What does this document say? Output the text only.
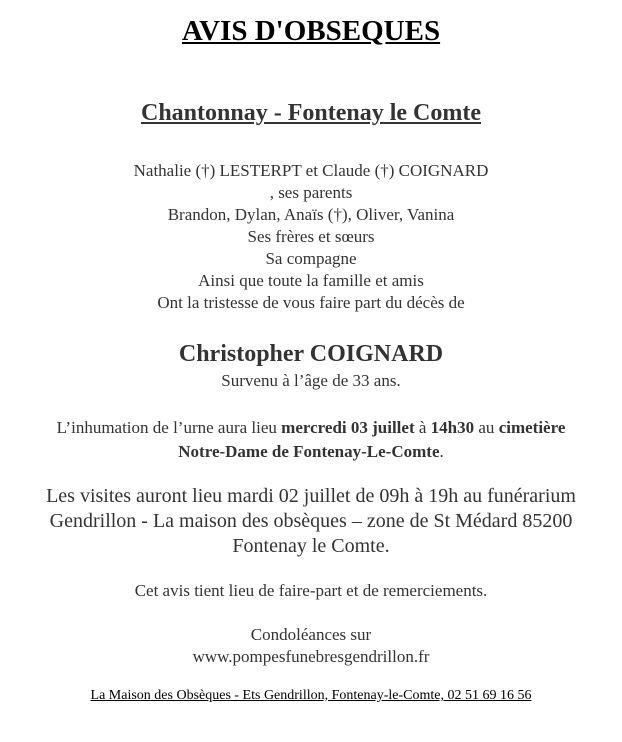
AVIS D'OBSEQUES
Chantonnay - Fontenay le Comte
Nathalie (†) LESTERPT et Claude (†) COIGNARD
, ses parents
Brandon, Dylan, Anaïs (†), Oliver, Vanina
Ses frères et sœurs
Sa compagne
Ainsi que toute la famille et amis
Ont la tristesse de vous faire part du décès de
Christopher COIGNARD
Survenu à l’âge de 33 ans.
L’inhumation de l’urne aura lieu mercredi 03 juillet à 14h30 au cimetière
Notre-Dame de Fontenay-Le-Comte.
Les visites auront lieu mardi 02 juillet de 09h à 19h au funérarium
Gendrillon - La maison des obsèques – zone de St Médard 85200
Fontenay le Comte.
Cet avis tient lieu de faire-part et de remerciements.
Condoléances sur
www.pompesfunebresgendrillon.fr
La Maison des Obsèques - Ets Gendrillon, Fontenay-le-Comte, 02 51 69 16 56
